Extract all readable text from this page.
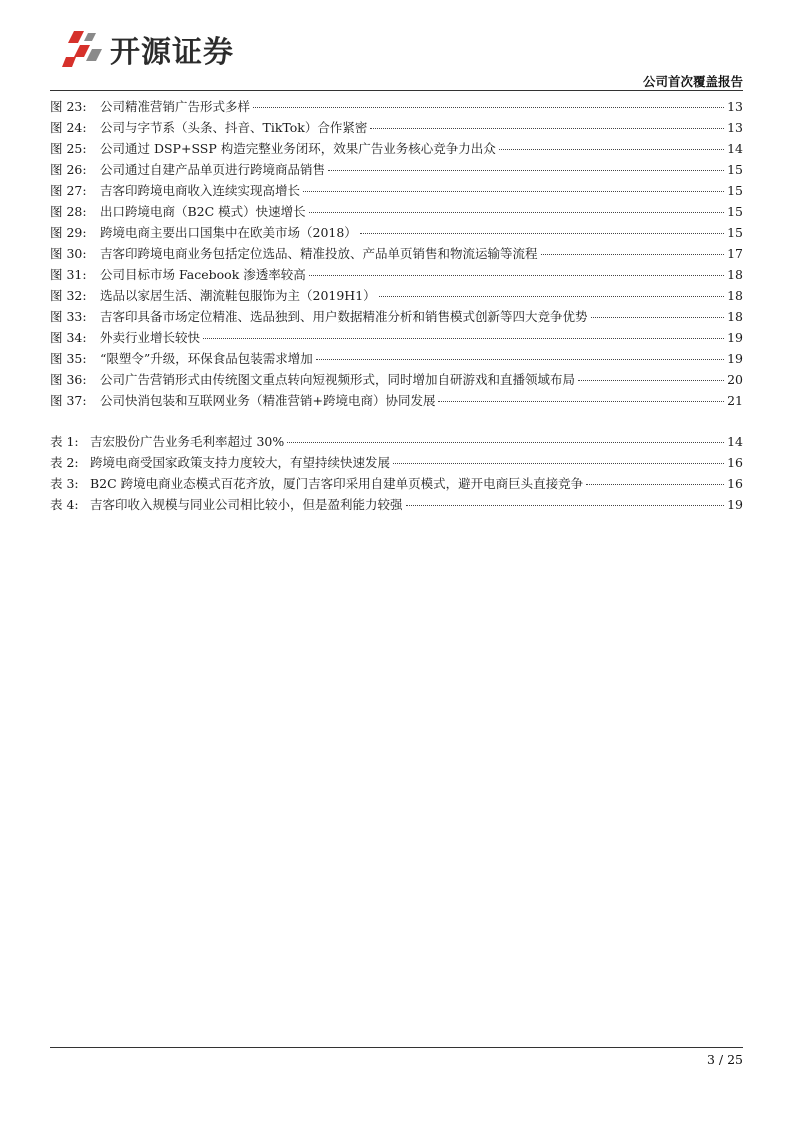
开源证券
公司首次覆盖报告
图 23:	公司精准营销广告形式多样	13
图 24:	公司与字节系（头条、抖音、TikTok）合作紧密	13
图 25:	公司通过 DSP+SSP 构造完整业务闭环，效果广告业务核心竞争力出众	14
图 26:	公司通过自建产品单页进行跨境商品销售	15
图 27:	吉客印跨境电商收入连续实现高增长	15
图 28:	出口跨境电商（B2C 模式）快速增长	15
图 29:	跨境电商主要出口国集中在欧美市场（2018）	15
图 30:	吉客印跨境电商业务包括定位选品、精准投放、产品单页销售和物流运输等流程	17
图 31:	公司目标市场 Facebook 渗透率较高	18
图 32:	选品以家居生活、潮流鞋包服饰为主（2019H1）	18
图 33:	吉客印具备市场定位精准、选品独到、用户数据精准分析和销售模式创新等四大竞争优势	18
图 34:	外卖行业增长较快	19
图 35:	“限塑令”升级，环保食品包装需求增加	19
图 36:	公司广告营销形式由传统图文重点转向短视频形式，同时增加自研游戏和直播领域布局	20
图 37:	公司快消包装和互联网业务（精准营销+跨境电商）协同发展	21
表 1: 吉宏股份广告业务毛利率超过 30%	14
表 2: 跨境电商受国家政策支持力度较大，有望持续快速发展	16
表 3: B2C 跨境电商业态模式百花齐放，厦门吉客印采用自建单页模式，避开电商巨头直接竞争	16
表 4: 吉客印收入规模与同业公司相比较小，但是盈利能力较强	19
3 / 25
